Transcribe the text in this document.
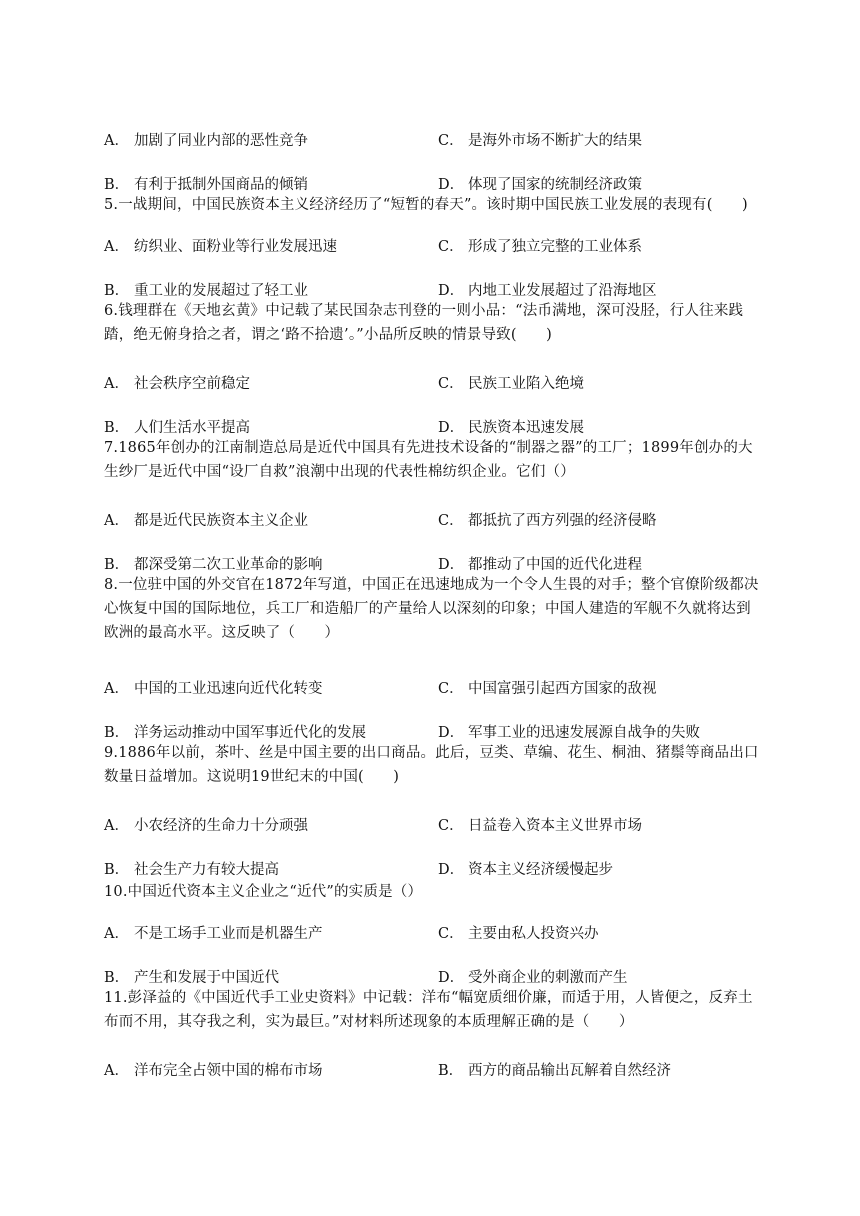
A． 加剧了同业内部的恶性竞争	C． 是海外市场不断扩大的结果
B． 有利于抵制外国商品的倾销	D． 体现了国家的统制经济政策
5.一战期间，中国民族资本主义经济经历了“短暂的春天”。该时期中国民族工业发展的表现有(　　)
A． 纺织业、面粉业等行业发展迅速	C． 形成了独立完整的工业体系
B． 重工业的发展超过了轻工业	D． 内地工业发展超过了沿海地区
6.钱理群在《天地玄黄》中记载了某民国杂志刊登的一则小品：“法币满地，深可没胫，行人往来践踏，绝无俯身拾之者，谓之‘路不拾遗’。”小品所反映的情景导致(　　)
A． 社会秩序空前稳定	C． 民族工业陷入绝境
B． 人们生活水平提高	D． 民族资本迅速发展
7.1865年创办的江南制造总局是近代中国具有先进技术设备的“制器之器”的工厂；1899年创办的大生纱厂是近代中国“设厂自救”浪潮中出现的代表性棉纺织企业。它们（）
A． 都是近代民族资本主义企业	C． 都抵抗了西方列强的经济侵略
B． 都深受第二次工业革命的影响	D． 都推动了中国的近代化进程
8.一位驻中国的外交官在1872年写道，中国正在迅速地成为一个令人生畏的对手；整个官僚阶级都决心恢复中国的国际地位，兵工厂和造船厂的产量给人以深刻的印象；中国人建造的军舰不久就将达到欧洲的最高水平。这反映了（　　）
A． 中国的工业迅速向近代化转变	C． 中国富强引起西方国家的敌视
B． 洋务运动推动中国军事近代化的发展	D． 军事工业的迅速发展源自战争的失败
9.1886年以前，茶叶、丝是中国主要的出口商品。此后，豆类、草编、花生、桐油、猪鬃等商品出口数量日益增加。这说明19世纪末的中国(　　)
A． 小农经济的生命力十分顽强	C． 日益卷入资本主义世界市场
B． 社会生产力有较大提高	D． 资本主义经济缓慢起步
10.中国近代资本主义企业之“近代”的实质是（）
A． 不是工场手工业而是机器生产	C． 主要由私人投资兴办
B． 产生和发展于中国近代	D． 受外商企业的刺激而产生
11.彭泽益的《中国近代手工业史资料》中记载：洋布“幅宽质细价廉，而适于用，人皆便之，反弃土布而不用，其夺我之利，实为最巨。”对材料所述现象的本质理解正确的是（　　）
A． 洋布完全占领中国的棉布市场	B． 西方的商品输出瓦解着自然经济
